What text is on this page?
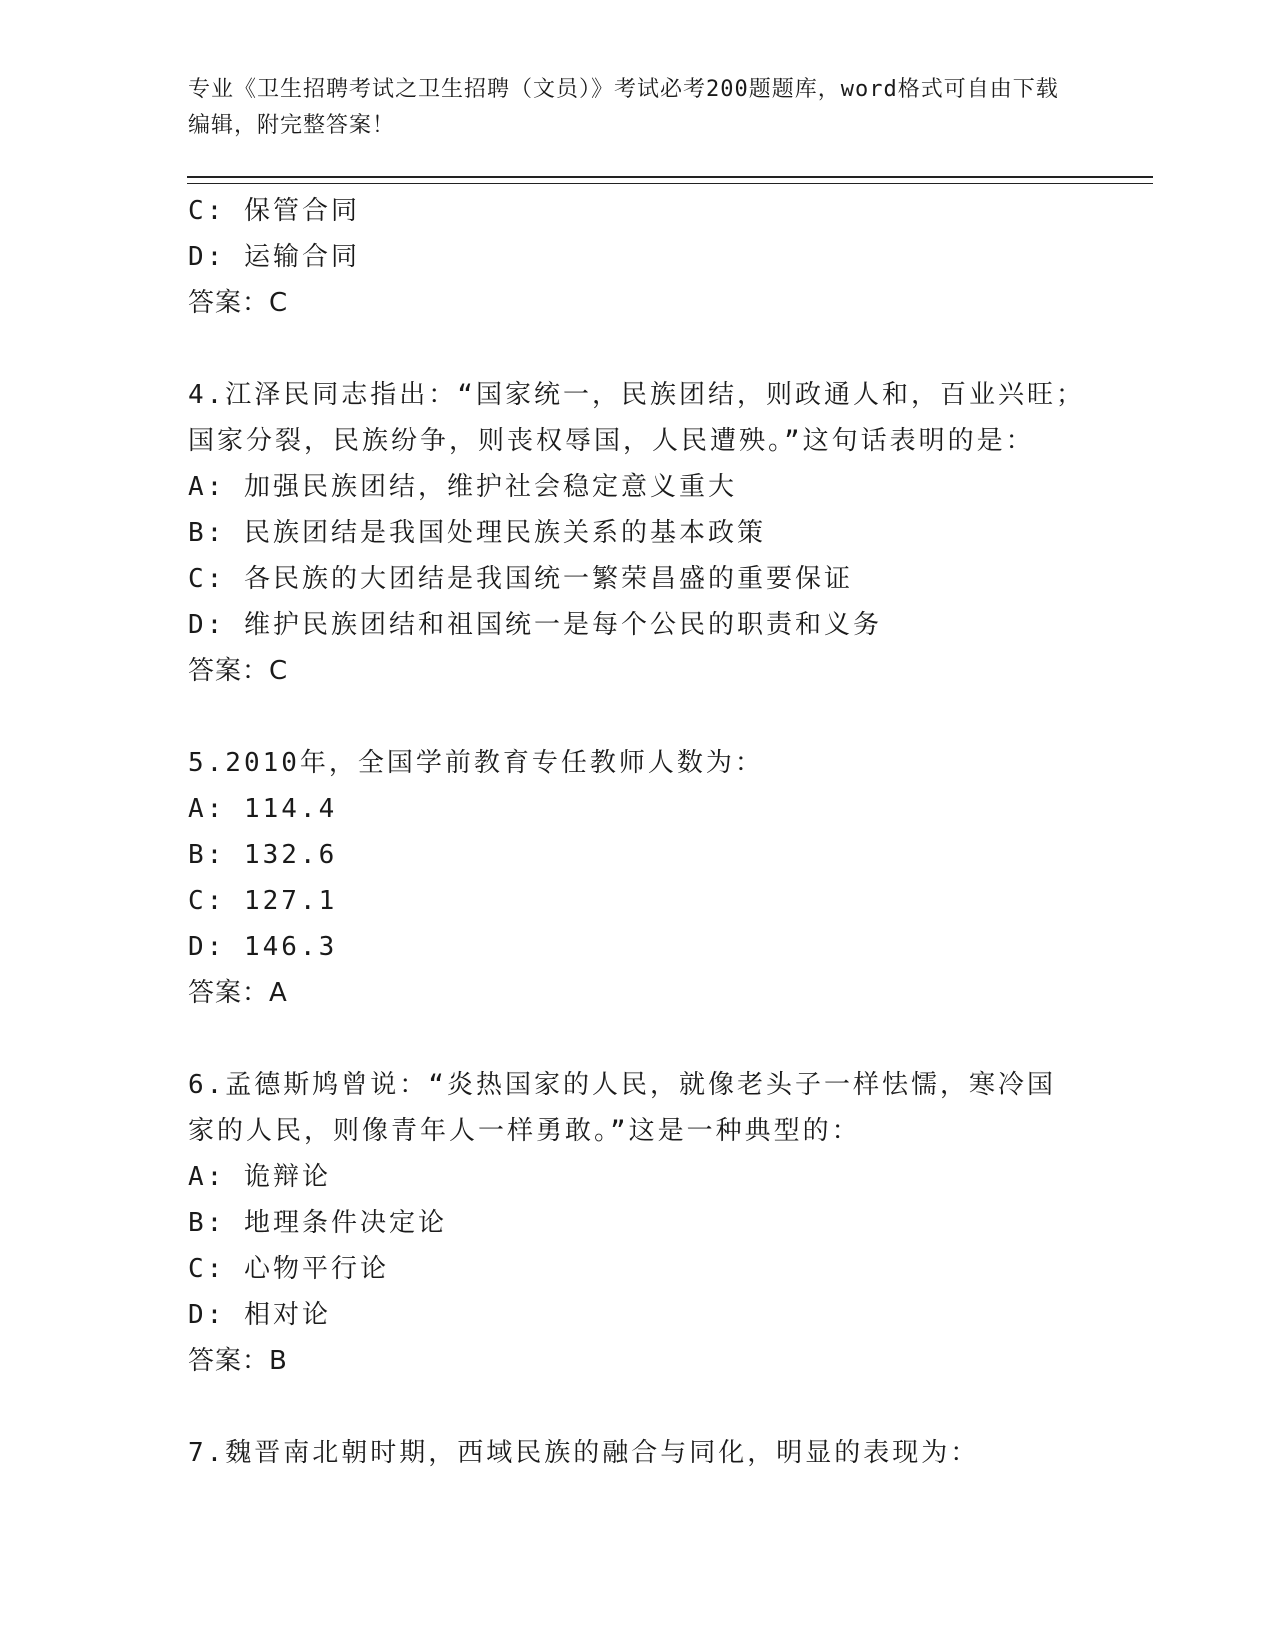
专业《卫生招聘考试之卫生招聘（文员）》考试必考200题题库，word格式可自由下载编辑，附完整答案！
C: 保管合同
D: 运输合同
答案：C
4.江泽民同志指出：“国家统一，民族团结，则政通人和，百业兴旺；
国家分裂，民族纷争，则丧权辱国，人民遭殃。”这句话表明的是：
A: 加强民族团结，维护社会稳定意义重大
B: 民族团结是我国处理民族关系的基本政策
C: 各民族的大团结是我国统一繁荣昌盛的重要保证
D: 维护民族团结和祖国统一是每个公民的职责和义务
答案：C
5.2010年，全国学前教育专任教师人数为：
A: 114.4
B: 132.6
C: 127.1
D: 146.3
答案：A
6.孟德斯鸠曾说：“炎热国家的人民，就像老头子一样怯懦，寒冷国
家的人民，则像青年人一样勇敢。”这是一种典型的：
A: 诡辩论
B: 地理条件决定论
C: 心物平行论
D: 相对论
答案：B
7.魏晋南北朝时期，西域民族的融合与同化，明显的表现为：
